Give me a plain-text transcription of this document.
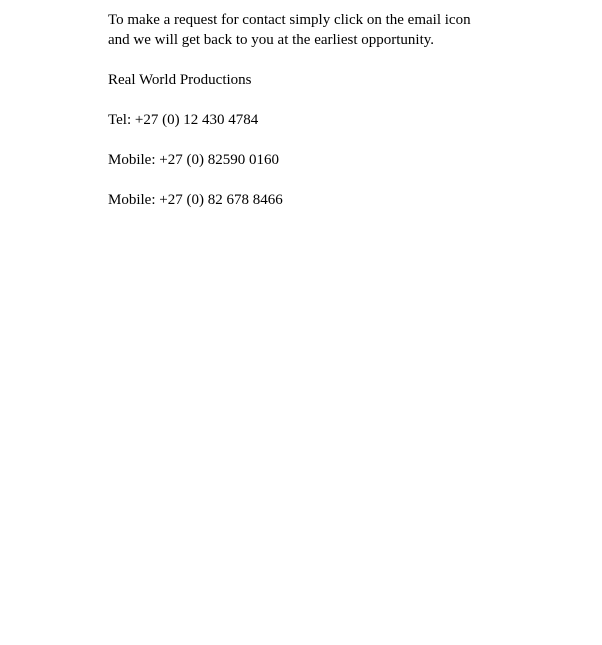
To make a request for contact simply click on the email icon

and we will get back to you at the earliest opportunity.

Real World Productions

Tel: +27 (0) 12 430 4784

Mobile: +27 (0) 82590 0160

Mobile: +27 (0) 82 678 8466
